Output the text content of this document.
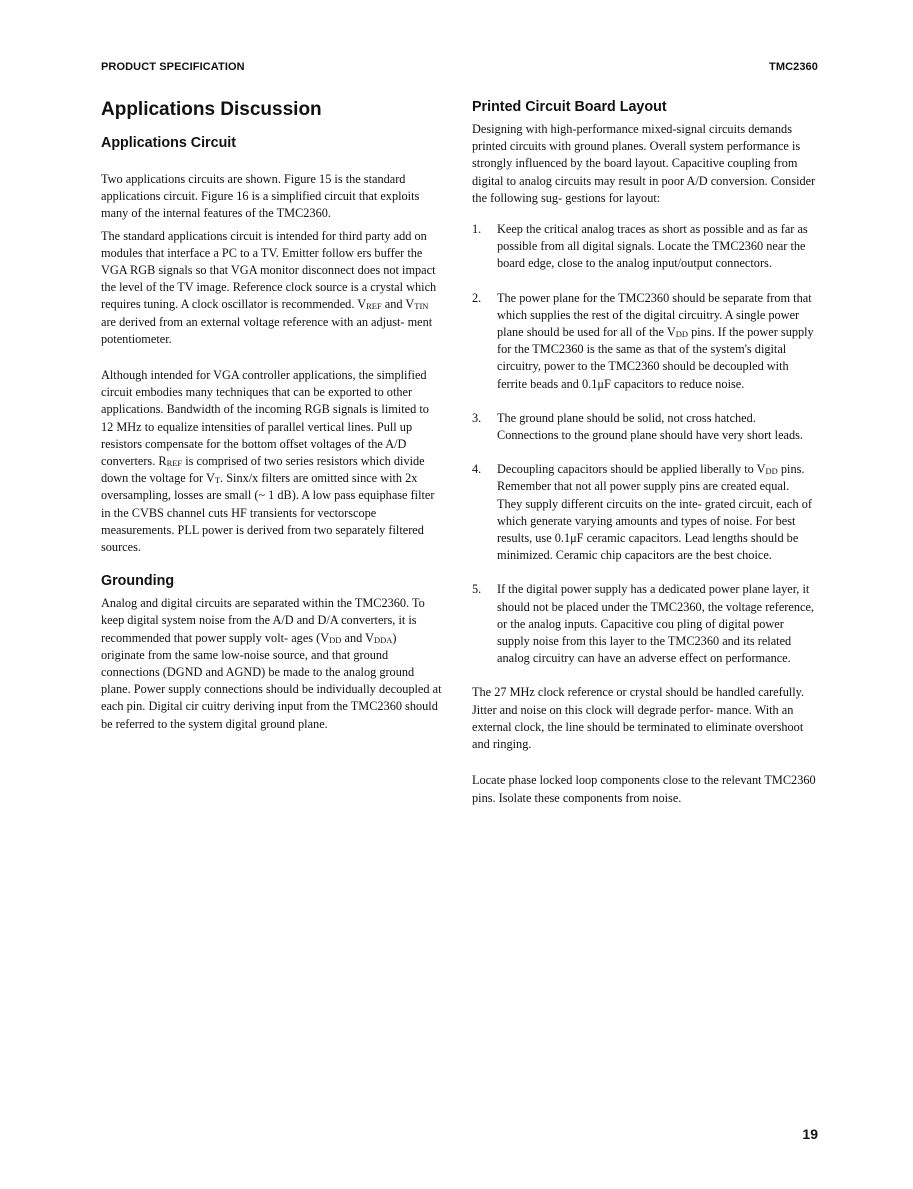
PRODUCT SPECIFICATION	TMC2360
Applications Discussion
Applications Circuit

Two applications circuits are shown. Figure 15 is the standard applications circuit. Figure 16 is a simplified circuit that exploits many of the internal features of the TMC2360.

The standard applications circuit is intended for third party add on modules that interface a PC to a TV. Emitter follow ers buffer the VGA RGB signals so that VGA monitor disconnect does not impact the level of the TV image. Reference clock source is a crystal which requires tuning. A clock oscillator is recommended. $V_{REF}$ and $V_{TIN}$ are derived from an external voltage reference with an adjust- ment potentiometer.

Although intended for VGA controller applications, the simplified circuit embodies many techniques that can be exported to other applications. Bandwidth of the incoming RGB signals is limited to 12 MHz to equalize intensities of parallel vertical lines. Pull up resistors compensate for the bottom offset voltages of the A/D converters. $R_{REF}$ is comprised of two series resistors which divide down the voltage for $V_T$. Sinx/x filters are omitted since with 2x oversampling, losses are small (~ 1 dB). A low pass equiphase filter in the CVBS channel cuts HF transients for vectorscope measurements. PLL power is derived from two separately filtered sources.

Grounding

Analog and digital circuits are separated within the TMC2360. To keep digital system noise from the A/D and D/A converters, it is recommended that power supply volt- ages ($V_{DD}$ and $V_{DDA}$) originate from the same low-noise source, and that ground connections (DGND and AGND) be made to the analog ground plane. Power supply connections should be individually decoupled at each pin. Digital cir cuitry deriving input from the TMC2360 should be referred to the system digital ground plane.

Printed Circuit Board Layout

Designing with high-performance mixed-signal circuits demands printed circuits with ground planes. Overall system performance is strongly influenced by the board layout. Capacitive coupling from digital to analog circuits may result in poor A/D conversion. Consider the following sug- gestions for layout:

1. Keep the critical analog traces as short as possible and as far as possible from all digital signals. Locate the TMC2360 near the board edge, close to the analog input/output connectors.
2. The power plane for the TMC2360 should be separate from that which supplies the rest of the digital circuitry. A single power plane should be used for all of the $V_{DD}$ pins. If the power supply for the TMC2360 is the same as that of the system's digital circuitry, power to the TMC2360 should be decoupled with ferrite beads and 0.1μF capacitors to reduce noise.
3. The ground plane should be solid, not cross hatched. Connections to the ground plane should have very short leads.
4. Decoupling capacitors should be applied liberally to $V_{DD}$ pins. Remember that not all power supply pins are created equal. They supply different circuits on the inte- grated circuit, each of which generate varying amounts and types of noise. For best results, use 0.1μF ceramic capacitors. Lead lengths should be minimized. Ceramic chip capacitors are the best choice.
5. If the digital power supply has a dedicated power plane layer, it should not be placed under the TMC2360, the voltage reference, or the analog inputs. Capacitive cou pling of digital power supply noise from this layer to the TMC2360 and its related analog circuitry can have an adverse effect on performance.

The 27 MHz clock reference or crystal should be handled carefully. Jitter and noise on this clock will degrade perfor- mance. With an external clock, the line should be terminated to eliminate overshoot and ringing.

Locate phase locked loop components close to the relevant TMC2360 pins. Isolate these components from noise.

19
